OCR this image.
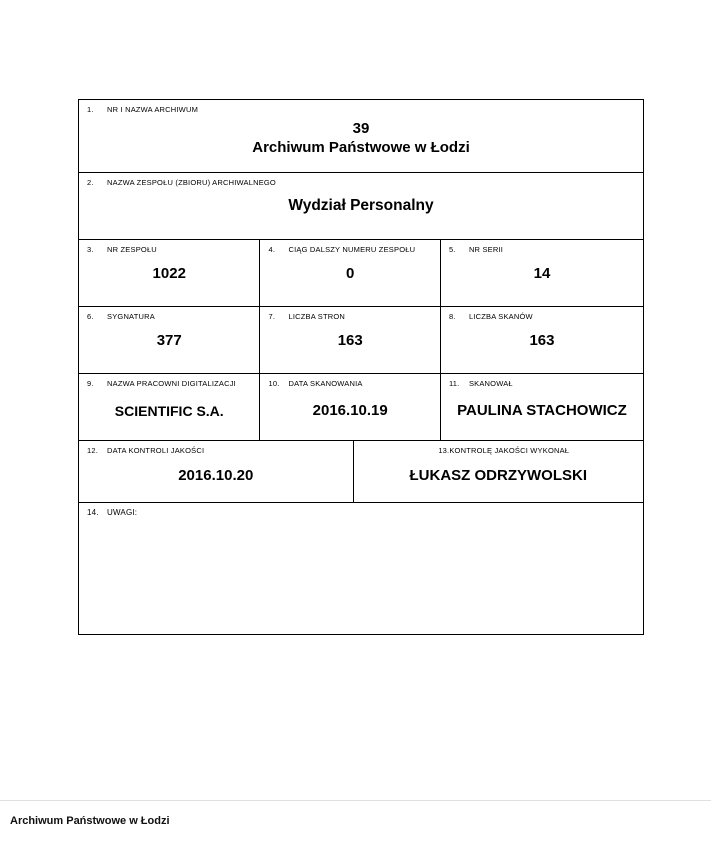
1.	NR I NAZWA ARCHIWUM
39
Archiwum Państwowe w Łodzi
2.	NAZWA ZESPOŁU (ZBIORU) ARCHIWALNEGO
Wydział Personalny
3.	NR ZESPOŁU
1022
4.	CIĄG DALSZY NUMERU ZESPOŁU
0
5.	NR SERII
14
6.	SYGNATURA
377
7.	LICZBA STRON
163
8.	LICZBA SKANÓW
163
9.	NAZWA PRACOWNI DIGITALIZACJI
SCIENTIFIC S.A.
10.	DATA SKANOWANIA
2016.10.19
11.	SKANOWAŁ
PAULINA STACHOWICZ
12.	DATA KONTROLI JAKOŚCI
2016.10.20
13. KONTROLĘ JAKOŚCI WYKONAŁ
ŁUKASZ ODRZYWOLSKI
14.	UWAGI:
Archiwum Państwowe w Łodzi
